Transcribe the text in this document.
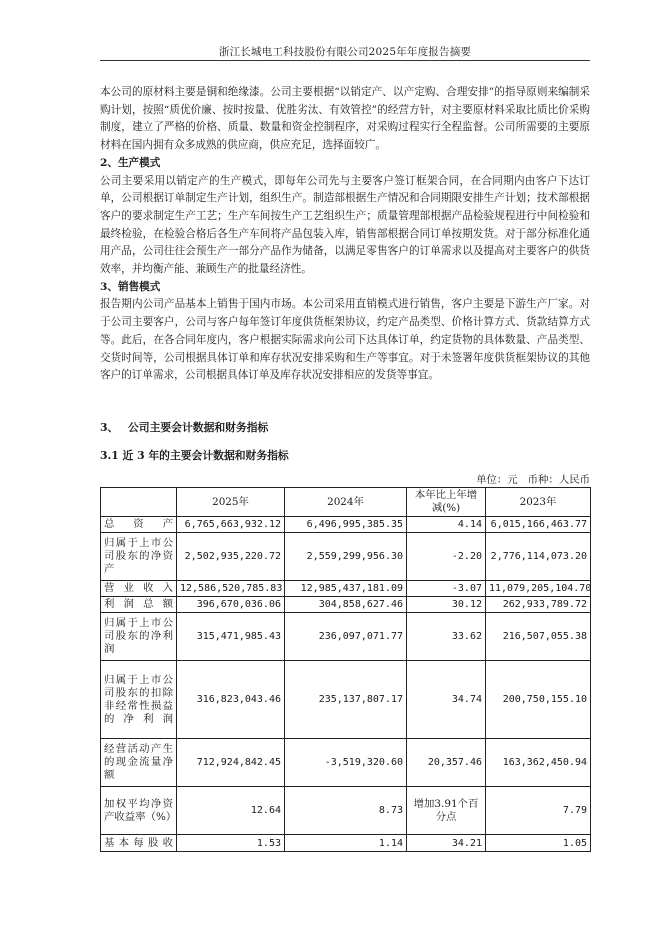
浙江长城电工科技股份有限公司2025年年度报告摘要

本公司的原材料主要是铜和绝缘漆。公司主要根据“以销定产、以产定购、合理安排”的指导原则来编制采购计划，按照“质优价廉、按时按量、优胜劣汰、有效管控”的经营方针，对主要原材料采取比质比价采购制度，建立了严格的价格、质量、数量和资金控制程序，对采购过程实行全程监督。公司所需要的主要原材料在国内拥有众多成熟的供应商，供应充足，选择面较广。

2、生产模式

公司主要采用以销定产的生产模式，即每年公司先与主要客户签订框架合同，在合同期内由客户下达订单，公司根据订单制定生产计划，组织生产。制造部根据生产情况和合同期限安排生产计划；技术部根据客户的要求制定生产工艺；生产车间按生产工艺组织生产；质量管理部根据产品检验规程进行中间检验和最终检验，在检验合格后各生产车间将产品包装入库，销售部根据合同订单按期发货。对于部分标准化通用产品，公司往往会预生产一部分产品作为储备，以满足零售客户的订单需求以及提高对主要客户的供货效率，并均衡产能、兼顾生产的批量经济性。

3、销售模式

报告期内公司产品基本上销售于国内市场。本公司采用直销模式进行销售，客户主要是下游生产厂家。对于公司主要客户，公司与客户每年签订年度供货框架协议，约定产品类型、价格计算方式、货款结算方式等。此后，在各合同年度内，客户根据实际需求向公司下达具体订单，约定货物的具体数量、产品类型、交货时间等，公司根据具体订单和库存状况安排采购和生产等事宜。对于未签署年度供货框架协议的其他客户的订单需求，公司根据具体订单及库存状况安排相应的发货等事宜。

3、 公司主要会计数据和财务指标
3.1 近 3 年的主要会计数据和财务指标
单位：元 币种：人民币
	2025年	2024年	本年比上年增减(%)	2023年
总资产	6,765,663,932.12	6,496,995,385.35	4.14	6,015,166,463.77
归属于上市公司股东的净资产	2,502,935,220.72	2,559,299,956.30	-2.20	2,776,114,073.20
营业收入	12,586,520,785.83	12,985,437,181.09	-3.07	11,079,205,104.70
利润总额	396,670,036.06	304,858,627.46	30.12	262,933,789.72
归属于上市公司股东的净利润	315,471,985.43	236,097,071.77	33.62	216,507,055.38
归属于上市公司股东的扣除非经常性损益的净利润	316,823,043.46	235,137,807.17	34.74	200,750,155.10
经营活动产生的现金流量净额	712,924,842.45	-3,519,320.60	20,357.46	163,362,450.94
加权平均净资产收益率（%）	12.64	8.73	增加3.91个百分点	7.79
基本每股收	1.53	1.14	34.21	1.05
